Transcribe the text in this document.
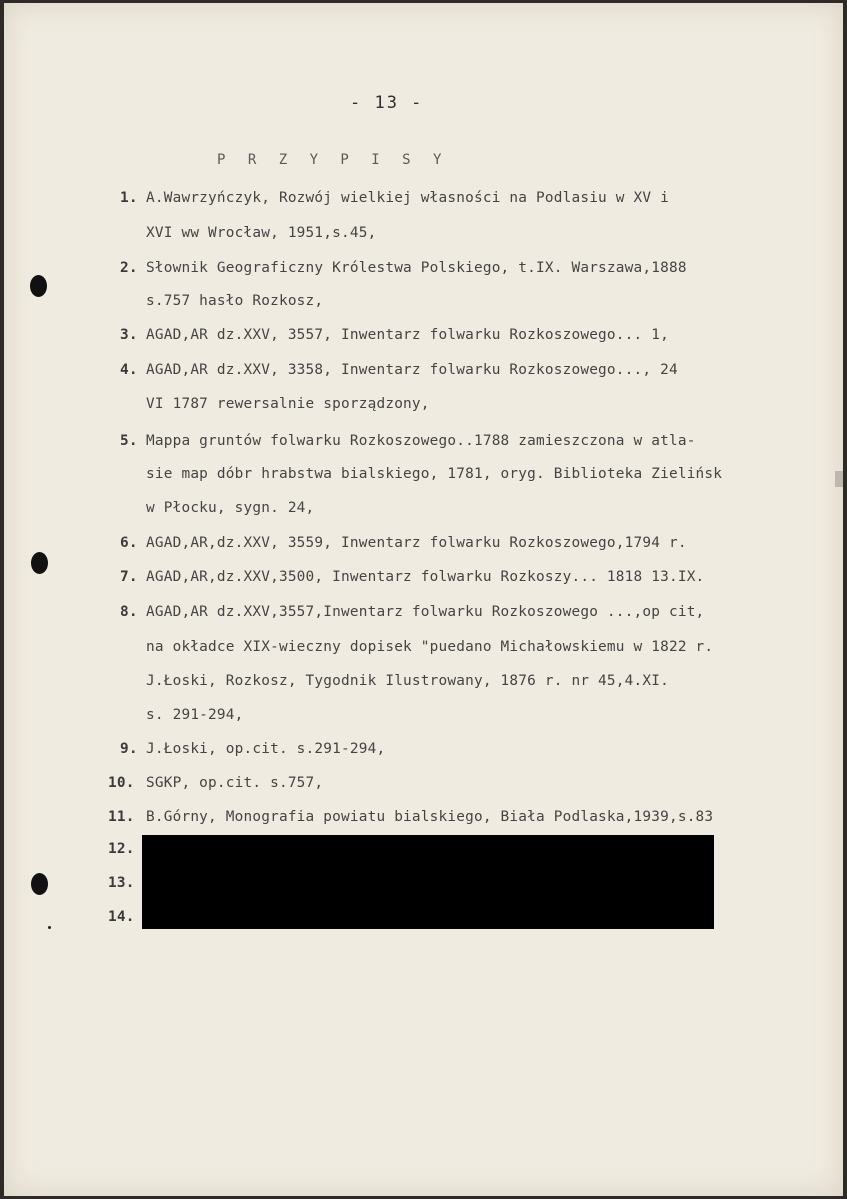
- 13 -
P R Z Y P I S Y
1. A.Wawrzyńczyk, Rozwój wielkiej własności na Podlasiu w XV i
XVI ww Wrocław, 1951,s.45,
2. Słownik Geograficzny Królestwa Polskiego, t.IX. Warszawa,1888
s.757 hasło Rozkosz,
3. AGAD,AR dz.XXV, 3557, Inwentarz folwarku Rozkoszowego... 1,
4. AGAD,AR dz.XXV, 3358, Inwentarz folwarku Rozkoszowego..., 24
VI 1787 rewersalnie sporządzony,
5. Mappa gruntów folwarku Rozkoszowego..1788 zamieszczona w atla-
sie map dóbr hrabstwa bialskiego, 1781, oryg. Biblioteka Zielińsk
w Płocku, sygn. 24,
6. AGAD,AR,dz.XXV, 3559, Inwentarz folwarku Rozkoszowego,1794 r.
7. AGAD,AR,dz.XXV,3500, Inwentarz folwarku Rozkoszy... 1818 13.IX.
8. AGAD,AR dz.XXV,3557,Inwentarz folwarku Rozkoszowego ...,op cit,
na okładce XIX-wieczny dopisek "puedano Michałowskiemu w 1822 r.
J.Łoski, Rozkosz, Tygodnik Ilustrowany, 1876 r. nr 45,4.XI.
s. 291-294,
9. J.Łoski, op.cit. s.291-294,
10. SGKP, op.cit. s.757,
11. B.Górny, Monografia powiatu bialskiego, Biała Podlaska,1939,s.83
12.
13.
14.
